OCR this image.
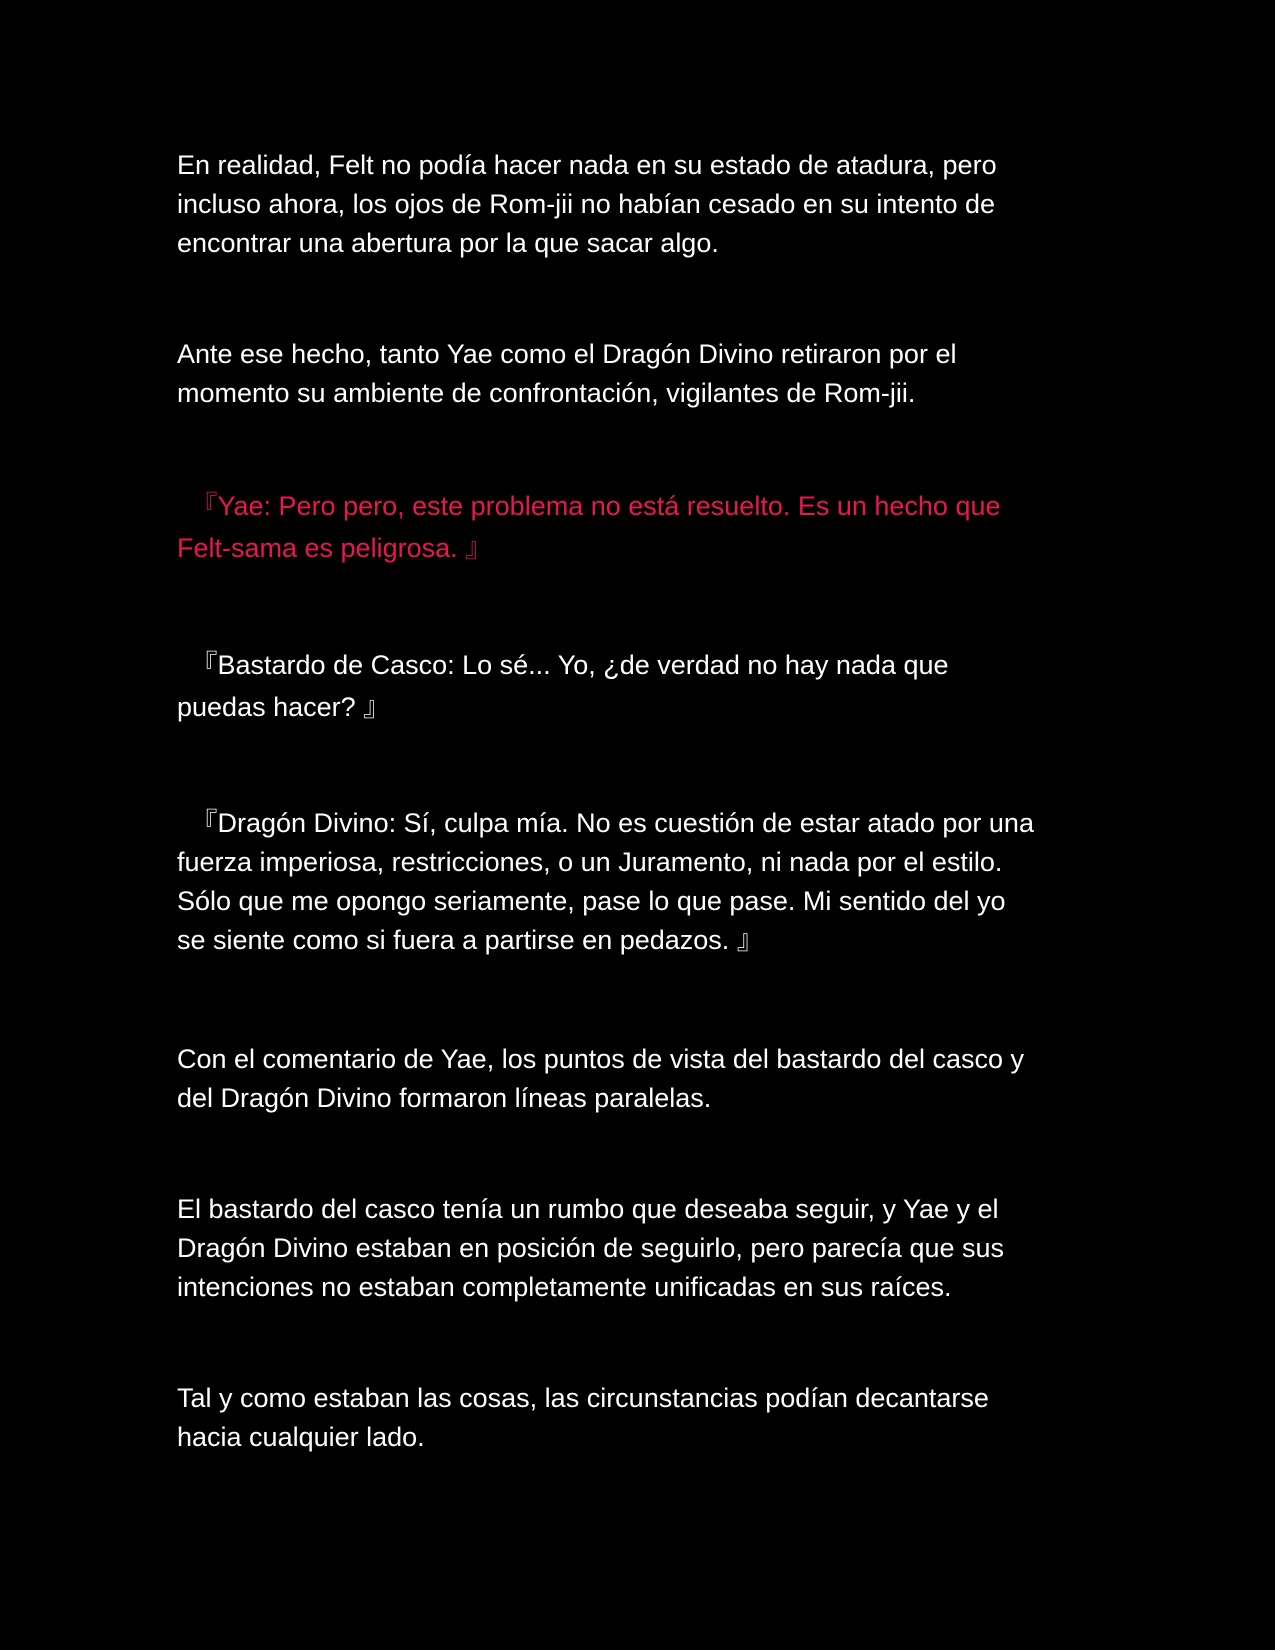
En realidad, Felt no podía hacer nada en su estado de atadura, pero
incluso ahora, los ojos de Rom-jii no habían cesado en su intento de
encontrar una abertura por la que sacar algo.

Ante ese hecho, tanto Yae como el Dragón Divino retiraron por el
momento su ambiente de confrontación, vigilantes de Rom-jii.

　『Yae: Pero pero, este problema no está resuelto. Es un hecho que
Felt-sama es peligrosa. 』

　『Bastardo de Casco: Lo sé... Yo, ¿de verdad no hay nada que
puedas hacer? 』

　『Dragón Divino: Sí, culpa mía. No es cuestión de estar atado por una
fuerza imperiosa, restricciones, o un Juramento, ni nada por el estilo.
Sólo que me opongo seriamente, pase lo que pase. Mi sentido del yo
se siente como si fuera a partirse en pedazos. 』

Con el comentario de Yae, los puntos de vista del bastardo del casco y
del Dragón Divino formaron líneas paralelas.

El bastardo del casco tenía un rumbo que deseaba seguir, y Yae y el
Dragón Divino estaban en posición de seguirlo, pero parecía que sus
intenciones no estaban completamente unificadas en sus raíces.

Tal y como estaban las cosas, las circunstancias podían decantarse
hacia cualquier lado.
